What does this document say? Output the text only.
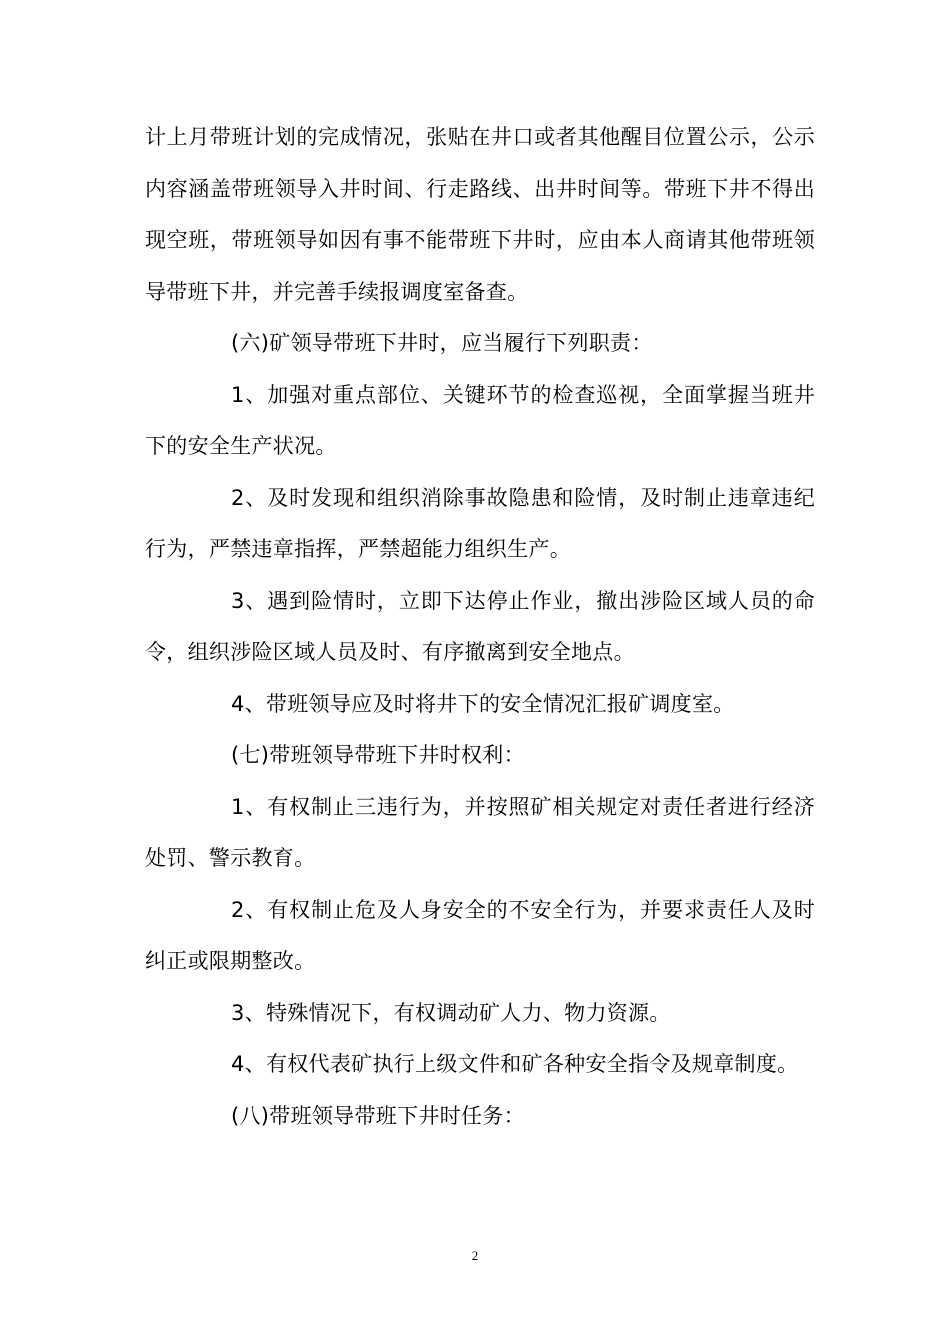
计上月带班计划的完成情况，张贴在井口或者其他醒目位置公示，公示内容涵盖带班领导入井时间、行走路线、出井时间等。带班下井不得出现空班，带班领导如因有事不能带班下井时，应由本人商请其他带班领导带班下井，并完善手续报调度室备查。

(六)矿领导带班下井时，应当履行下列职责：

1、加强对重点部位、关键环节的检查巡视，全面掌握当班井下的安全生产状况。

2、及时发现和组织消除事故隐患和险情，及时制止违章违纪行为，严禁违章指挥，严禁超能力组织生产。

3、遇到险情时，立即下达停止作业，撤出涉险区域人员的命令，组织涉险区域人员及时、有序撤离到安全地点。

4、带班领导应及时将井下的安全情况汇报矿调度室。

(七)带班领导带班下井时权利：

1、有权制止三违行为，并按照矿相关规定对责任者进行经济处罚、警示教育。

2、有权制止危及人身安全的不安全行为，并要求责任人及时纠正或限期整改。

3、特殊情况下，有权调动矿人力、物力资源。

4、有权代表矿执行上级文件和矿各种安全指令及规章制度。

(八)带班领导带班下井时任务：

2
